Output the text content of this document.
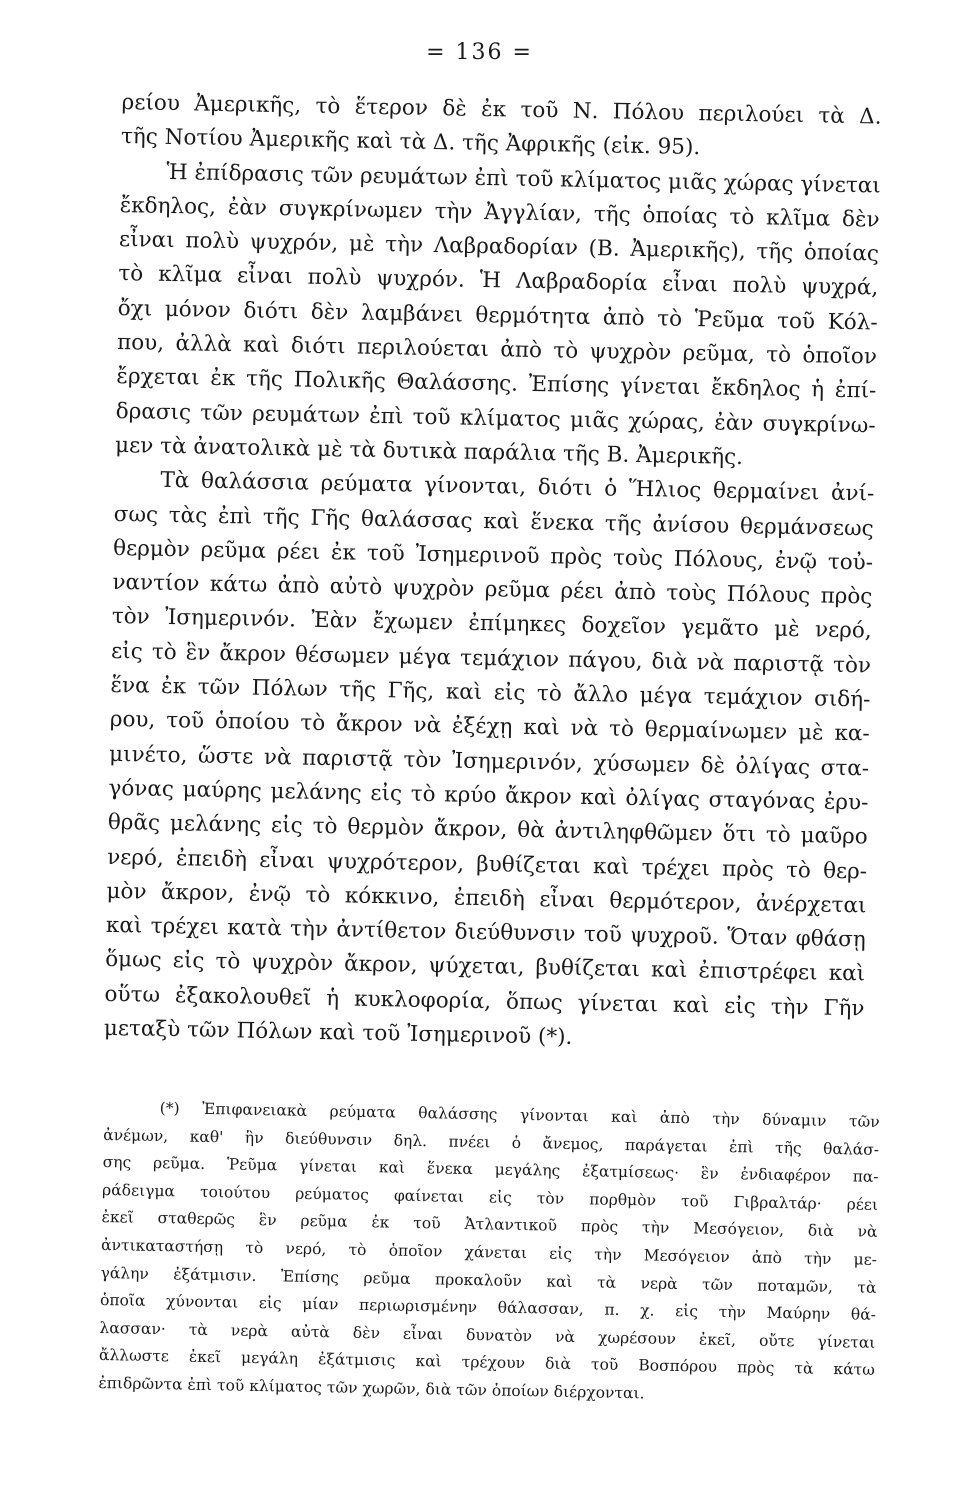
= 136 =
ρείου Ἀμερικῆς, τὸ ἕτερον δὲ ἐκ τοῦ Ν. Πόλου περιλούει τὰ Δ.
τῆς Νοτίου Ἀμερικῆς καὶ τὰ Δ. τῆς Ἀφρικῆς (εἰκ. 95).
Ἡ ἐπίδρασις τῶν ρευμάτων ἐπὶ τοῦ κλίματος μιᾶς χώρας γίνεται
ἔκδηλος, ἐὰν συγκρίνωμεν τὴν Ἀγγλίαν, τῆς ὁποίας τὸ κλῖμα δὲν
εἶναι πολὺ ψυχρόν, μὲ τὴν Λαβραδορίαν (Β. Ἀμερικῆς), τῆς ὁποίας
τὸ κλῖμα εἶναι πολὺ ψυχρόν. Ἡ Λαβραδορία εἶναι πολὺ ψυχρά,
ὄχι μόνον διότι δὲν λαμβάνει θερμότητα ἀπὸ τὸ Ῥεῦμα τοῦ Κόλ-
που, ἀλλὰ καὶ διότι περιλούεται ἀπὸ τὸ ψυχρὸν ρεῦμα, τὸ ὁποῖον
ἔρχεται ἐκ τῆς Πολικῆς Θαλάσσης. Ἐπίσης γίνεται ἔκδηλος ἡ ἐπί-
δρασις τῶν ρευμάτων ἐπὶ τοῦ κλίματος μιᾶς χώρας, ἐὰν συγκρίνω-
μεν τὰ ἀνατολικὰ μὲ τὰ δυτικὰ παράλια τῆς Β. Ἀμερικῆς.
Τὰ θαλάσσια ρεύματα γίνονται, διότι ὁ Ἥλιος θερμαίνει ἀνί-
σως τὰς ἐπὶ τῆς Γῆς θαλάσσας καὶ ἕνεκα τῆς ἀνίσου θερμάνσεως
θερμὸν ρεῦμα ρέει ἐκ τοῦ Ἰσημερινοῦ πρὸς τοὺς Πόλους, ἐνῷ τοὐ-
ναντίον κάτω ἀπὸ αὐτὸ ψυχρὸν ρεῦμα ρέει ἀπὸ τοὺς Πόλους πρὸς
τὸν Ἰσημερινόν. Ἐὰν ἔχωμεν ἐπίμηκες δοχεῖον γεμᾶτο μὲ νερό,
εἰς τὸ ἓν ἄκρον θέσωμεν μέγα τεμάχιον πάγου, διὰ νὰ παριστᾷ τὸν
ἕνα ἐκ τῶν Πόλων τῆς Γῆς, καὶ εἰς τὸ ἄλλο μέγα τεμάχιον σιδή-
ρου, τοῦ ὁποίου τὸ ἄκρον νὰ ἐξέχῃ καὶ νὰ τὸ θερμαίνωμεν μὲ κα-
μινέτο, ὥστε νὰ παριστᾷ τὸν Ἰσημερινόν, χύσωμεν δὲ ὀλίγας στα-
γόνας μαύρης μελάνης εἰς τὸ κρύο ἄκρον καὶ ὀλίγας σταγόνας ἐρυ-
θρᾶς μελάνης εἰς τὸ θερμὸν ἄκρον, θὰ ἀντιληφθῶμεν ὅτι τὸ μαῦρο
νερό, ἐπειδὴ εἶναι ψυχρότερον, βυθίζεται καὶ τρέχει πρὸς τὸ θερ-
μὸν ἄκρον, ἐνῷ τὸ κόκκινο, ἐπειδὴ εἶναι θερμότερον, ἀνέρχεται
καὶ τρέχει κατὰ τὴν ἀντίθετον διεύθυνσιν τοῦ ψυχροῦ. Ὅταν φθάσῃ
ὅμως εἰς τὸ ψυχρὸν ἄκρον, ψύχεται, βυθίζεται καὶ ἐπιστρέφει καὶ
οὕτω ἐξακολουθεῖ ἡ κυκλοφορία, ὅπως γίνεται καὶ εἰς τὴν Γῆν
μεταξὺ τῶν Πόλων καὶ τοῦ Ἰσημερινοῦ (*).
(*) Ἐπιφανειακὰ ρεύματα θαλάσσης γίνονται καὶ ἀπὸ τὴν δύναμιν τῶν
ἀνέμων, καθ' ἣν διεύθυνσιν δηλ. πνέει ὁ ἄνεμος, παράγεται ἐπὶ τῆς θαλάσ-
σης ρεῦμα. Ῥεῦμα γίνεται καὶ ἕνεκα μεγάλης ἐξατμίσεως· ἓν ἐνδιαφέρον πα-
ράδειγμα τοιούτου ρεύματος φαίνεται εἰς τὸν πορθμὸν τοῦ Γιβραλτάρ· ρέει
ἐκεῖ σταθερῶς ἓν ρεῦμα ἐκ τοῦ Ἀτλαντικοῦ πρὸς τὴν Μεσόγειον, διὰ νὰ
ἀντικαταστήσῃ τὸ νερό, τὸ ὁποῖον χάνεται εἰς τὴν Μεσόγειον ἀπὸ τὴν με-
γάλην ἐξάτμισιν. Ἐπίσης ρεῦμα προκαλοῦν καὶ τὰ νερὰ τῶν ποταμῶν, τὰ
ὁποῖα χύνονται εἰς μίαν περιωρισμένην θάλασσαν, π. χ. εἰς τὴν Μαύρην θά-
λασσαν· τὰ νερὰ αὐτὰ δὲν εἶναι δυνατὸν νὰ χωρέσουν ἐκεῖ, οὔτε γίνεται
ἄλλωστε ἐκεῖ μεγάλη ἐξάτμισις καὶ τρέχουν διὰ τοῦ Βοσπόρου πρὸς τὰ κάτω
ἐπιδρῶντα ἐπὶ τοῦ κλίματος τῶν χωρῶν, διὰ τῶν ὁποίων διέρχονται.
